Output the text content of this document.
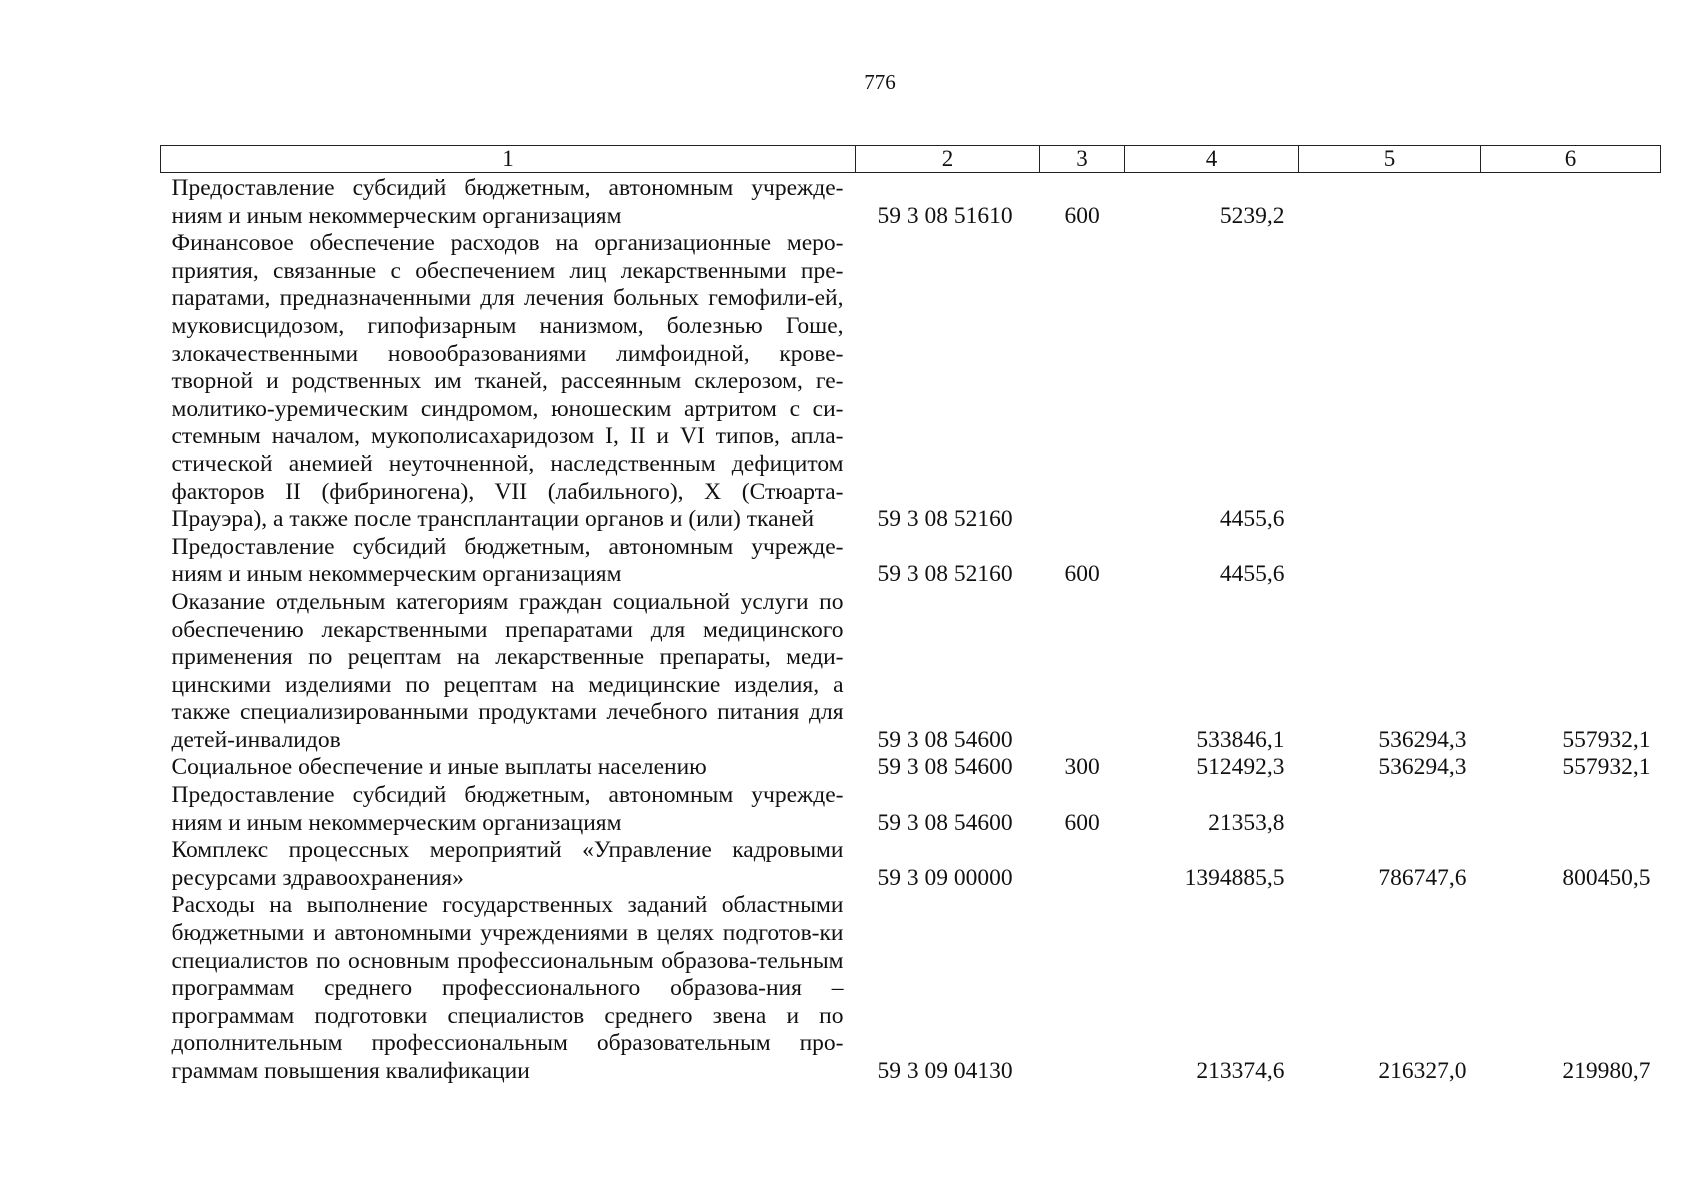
776
1	2	3	4	5	6
Предоставление субсидий бюджетным, автономным учрежде-ниям и иным некоммерческим организациям	59 3 08 51610	600	5239,2		
Финансовое обеспечение расходов на организационные меро-приятия, связанные с обеспечением лиц лекарственными пре-паратами, предназначенными для лечения больных гемофили-ей, муковисцидозом, гипофизарным нанизмом, болезнью Гоше, злокачественными новообразованиями лимфоидной, крове-творной и родственных им тканей, рассеянным склерозом, ге-молитико-уремическим синдромом, юношеским артритом с си-стемным началом, мукополисахаридозом I, II и VI типов, апла-стической анемией неуточненной, наследственным дефицитом факторов II (фибриногена), VII (лабильного), X (Стюарта-Прауэра), а также после трансплантации органов и (или) тканей	59 3 08 52160		4455,6		
Предоставление субсидий бюджетным, автономным учрежде-ниям и иным некоммерческим организациям	59 3 08 52160	600	4455,6		
Оказание отдельным категориям граждан социальной услуги по обеспечению лекарственными препаратами для медицинского применения по рецептам на лекарственные препараты, меди-цинскими изделиями по рецептам на медицинские изделия, а также специализированными продуктами лечебного питания для детей-инвалидов	59 3 08 54600		533846,1	536294,3	557932,1
Социальное обеспечение и иные выплаты населению	59 3 08 54600	300	512492,3	536294,3	557932,1
Предоставление субсидий бюджетным, автономным учрежде-ниям и иным некоммерческим организациям	59 3 08 54600	600	21353,8		
Комплекс процессных мероприятий «Управление кадровыми ресурсами здравоохранения»	59 3 09 00000		1394885,5	786747,6	800450,5
Расходы на выполнение государственных заданий областными бюджетными и автономными учреждениями в целях подготов-ки специалистов по основным профессиональным образова-тельным программам среднего профессионального образова-ния – программам подготовки специалистов среднего звена и по дополнительным профессиональным образовательным про-граммам повышения квалификации	59 3 09 04130		213374,6	216327,0	219980,7
